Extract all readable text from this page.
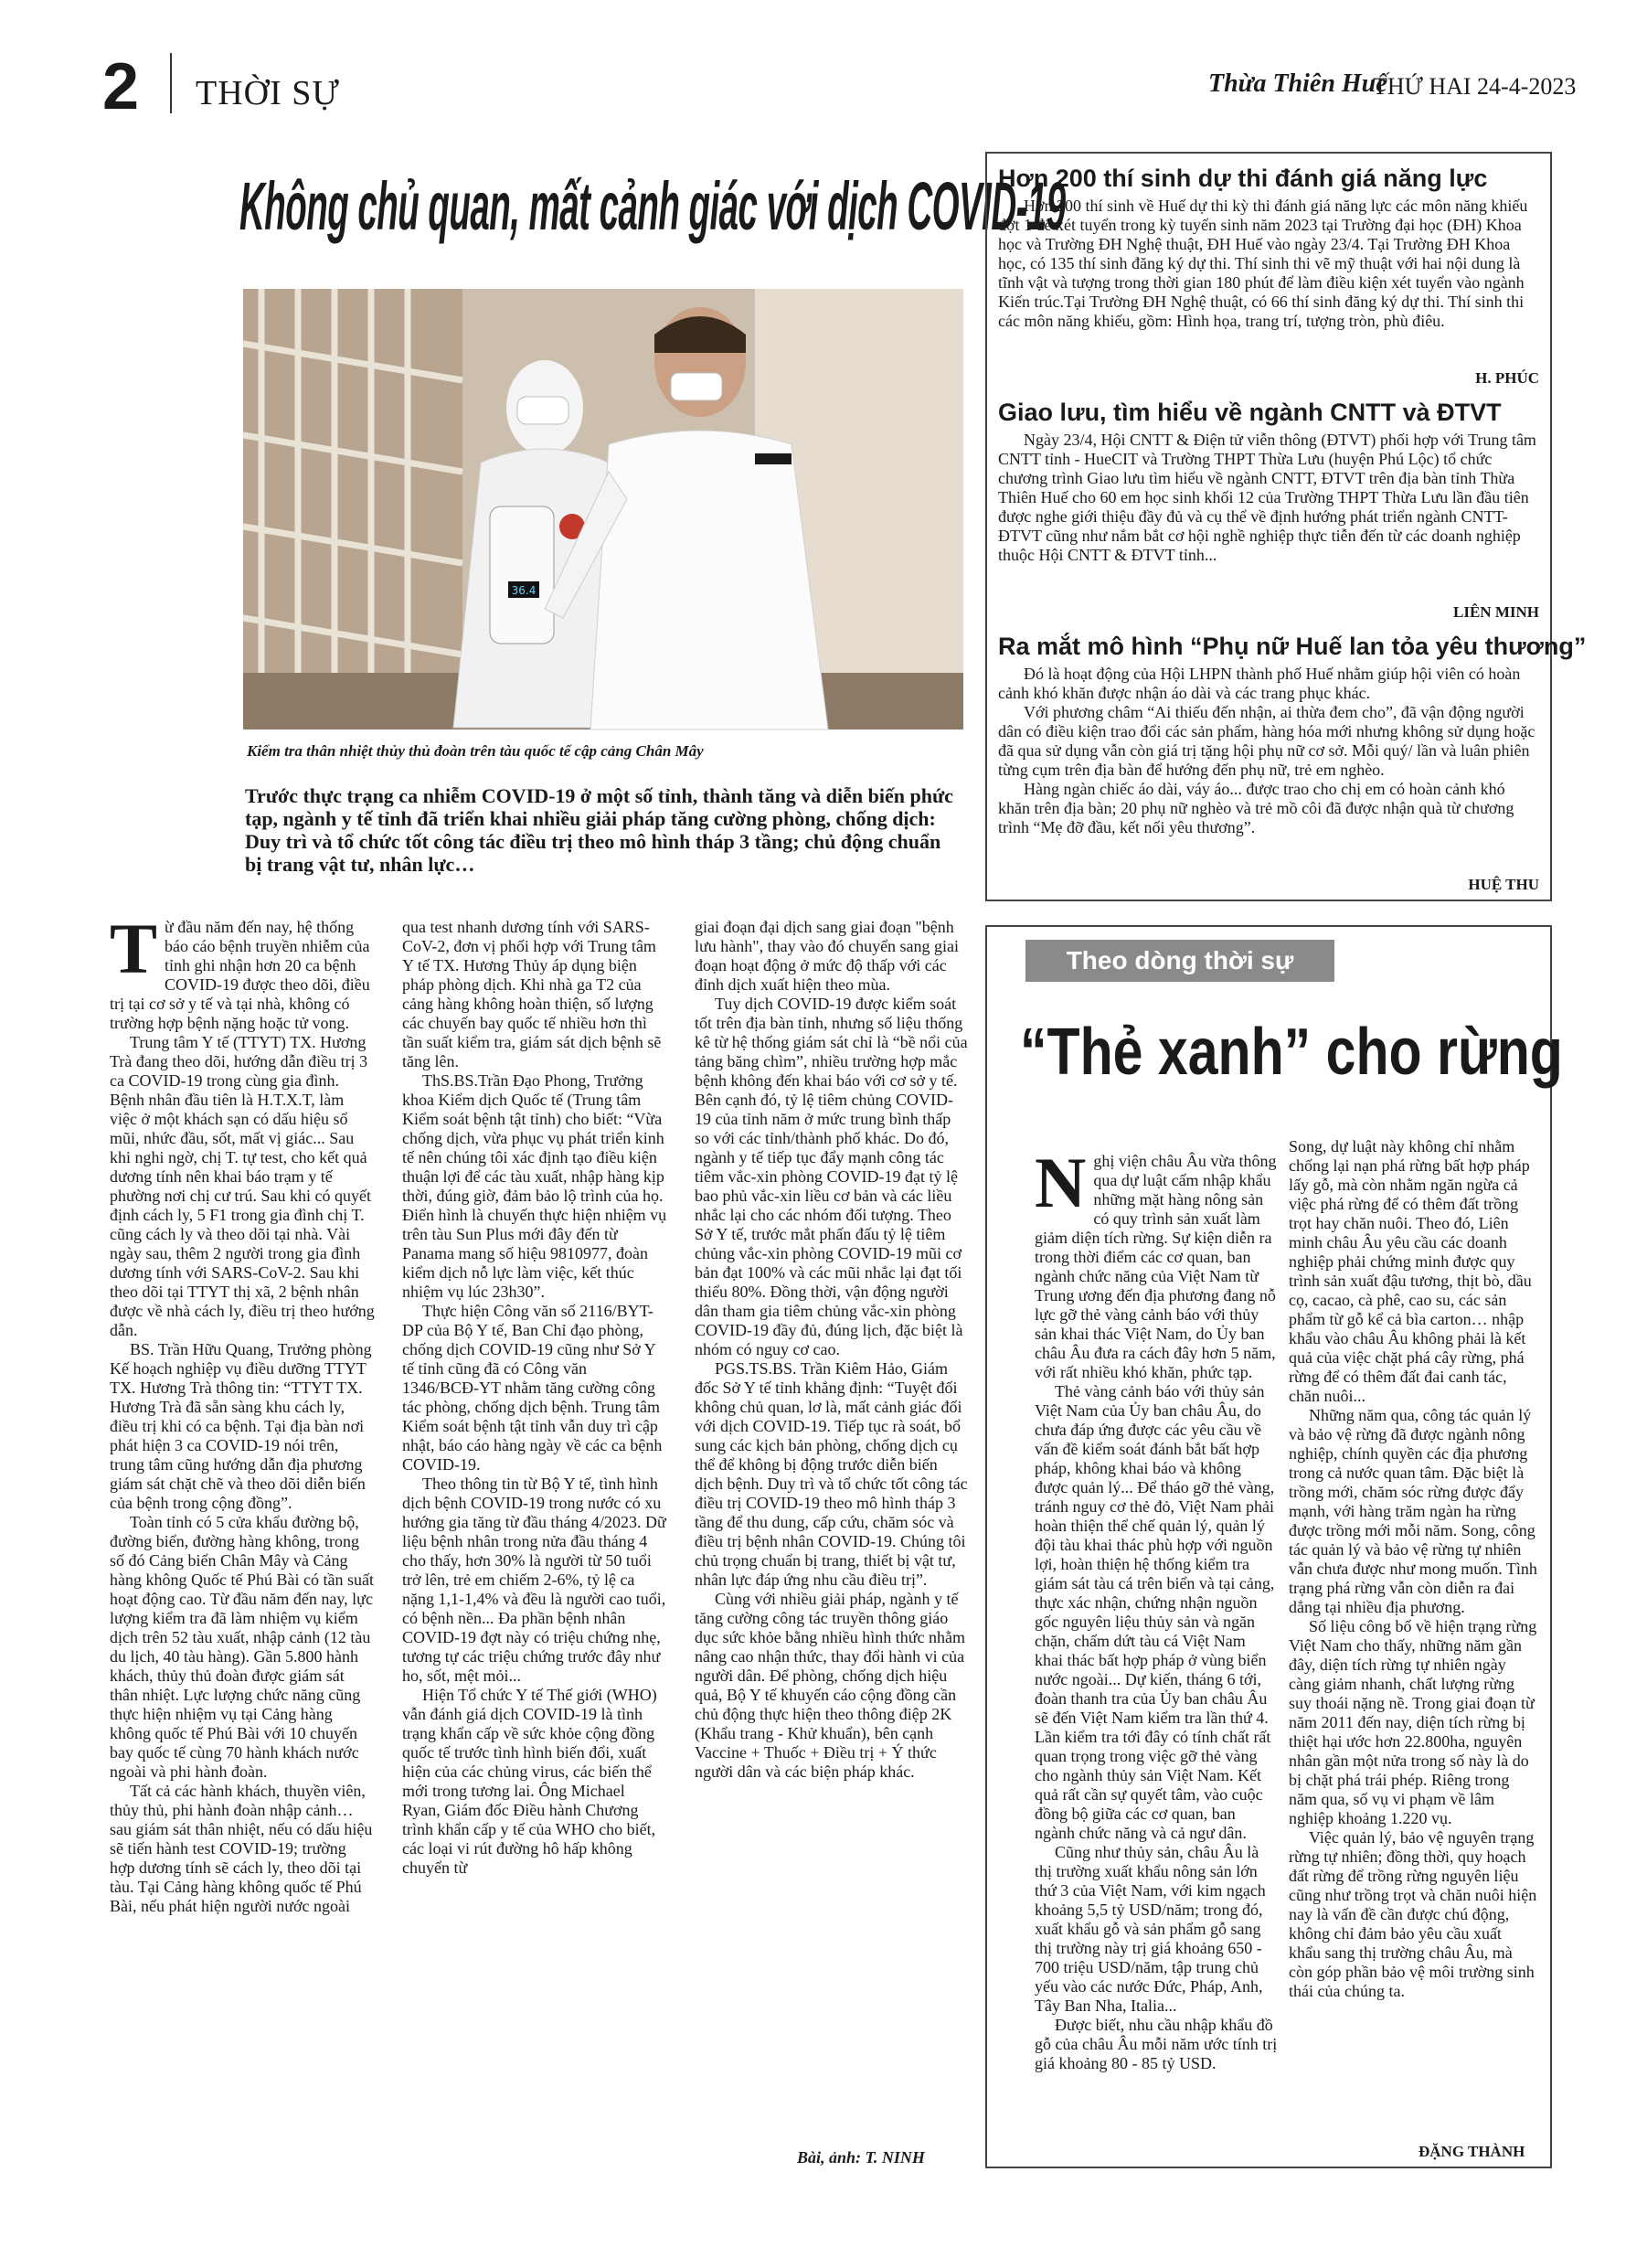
2 THỜI SỰ	Thừa Thiên Huế
THỨ HAI 24-4-2023
Không chủ quan, mất cảnh giác với dịch COVID-19
36.4
Kiểm tra thân nhiệt thủy thủ đoàn trên tàu quốc tế cập cảng Chân Mây

Trước thực trạng ca nhiễm COVID-19 ở một số tỉnh, thành tăng và diễn biến phức tạp, ngành y tế tỉnh đã triển khai nhiều giải pháp tăng cường phòng, chống dịch: Duy trì và tổ chức tốt công tác điều trị theo mô hình tháp 3 tầng; chủ động chuẩn bị trang vật tư, nhân lực…

Từ đầu năm đến nay, hệ thống báo cáo bệnh truyền nhiễm của tỉnh ghi nhận hơn 20 ca bệnh COVID-19 được theo dõi, điều trị tại cơ sở y tế và tại nhà, không có trường hợp bệnh nặng hoặc tử vong.

Trung tâm Y tế (TTYT) TX. Hương Trà đang theo dõi, hướng dẫn điều trị 3 ca COVID-19 trong cùng gia đình. Bệnh nhân đầu tiên là H.T.X.T, làm việc ở một khách sạn có dấu hiệu sổ mũi, nhức đầu, sốt, mất vị giác... Sau khi nghi ngờ, chị T. tự test, cho kết quả dương tính nên khai báo trạm y tế phường nơi chị cư trú. Sau khi có quyết định cách ly, 5 F1 trong gia đình chị T. cũng cách ly và theo dõi tại nhà. Vài ngày sau, thêm 2 người trong gia đình dương tính với SARS-CoV-2. Sau khi theo dõi tại TTYT thị xã, 2 bệnh nhân được về nhà cách ly, điều trị theo hướng dẫn.

BS. Trần Hữu Quang, Trưởng phòng Kế hoạch nghiệp vụ điều dưỡng TTYT TX. Hương Trà thông tin: “TTYT TX. Hương Trà đã sẵn sàng khu cách ly, điều trị khi có ca bệnh. Tại địa bàn nơi phát hiện 3 ca COVID-19 nói trên, trung tâm cũng hướng dẫn địa phương giám sát chặt chẽ và theo dõi diễn biến của bệnh trong cộng đồng”.

Toàn tỉnh có 5 cửa khẩu đường bộ, đường biển, đường hàng không, trong số đó Cảng biển Chân Mây và Cảng hàng không Quốc tế Phú Bài có tần suất hoạt động cao. Từ đầu năm đến nay, lực lượng kiểm tra đã làm nhiệm vụ kiểm dịch trên 52 tàu xuất, nhập cảnh (12 tàu du lịch, 40 tàu hàng). Gần 5.800 hành khách, thủy thủ đoàn được giám sát thân nhiệt. Lực lượng chức năng cũng thực hiện nhiệm vụ tại Cảng hàng không quốc tế Phú Bài với 10 chuyến bay quốc tế cùng 70 hành khách nước ngoài và phi hành đoàn.

Tất cả các hành khách, thuyền viên, thủy thủ, phi hành đoàn nhập cảnh… sau giám sát thân nhiệt, nếu có dấu hiệu sẽ tiến hành test COVID-19; trường hợp dương tính sẽ cách ly, theo dõi tại tàu. Tại Cảng hàng không quốc tế Phú Bài, nếu phát hiện người nước ngoài

qua test nhanh dương tính với SARS-CoV-2, đơn vị phối hợp với Trung tâm Y tế TX. Hương Thủy áp dụng biện pháp phòng dịch. Khi nhà ga T2 của cảng hàng không hoàn thiện, số lượng các chuyến bay quốc tế nhiều hơn thì tần suất kiểm tra, giám sát dịch bệnh sẽ tăng lên.

ThS.BS.Trần Đạo Phong, Trưởng khoa Kiểm dịch Quốc tế (Trung tâm Kiểm soát bệnh tật tỉnh) cho biết: “Vừa chống dịch, vừa phục vụ phát triển kinh tế nên chúng tôi xác định tạo điều kiện thuận lợi để các tàu xuất, nhập hàng kịp thời, đúng giờ, đảm bảo lộ trình của họ. Điển hình là chuyến thực hiện nhiệm vụ trên tàu Sun Plus mới đây đến từ Panama mang số hiệu 9810977, đoàn kiểm dịch nỗ lực làm việc, kết thúc nhiệm vụ lúc 23h30”.

Thực hiện Công văn số 2116/BYT-DP của Bộ Y tế, Ban Chỉ đạo phòng, chống dịch COVID-19 cũng như Sở Y tế tỉnh cũng đã có Công văn 1346/BCĐ-YT nhằm tăng cường công tác phòng, chống dịch bệnh. Trung tâm Kiểm soát bệnh tật tỉnh vẫn duy trì cập nhật, báo cáo hàng ngày về các ca bệnh COVID-19.

Theo thông tin từ Bộ Y tế, tình hình dịch bệnh COVID-19 trong nước có xu hướng gia tăng từ đầu tháng 4/2023. Dữ liệu bệnh nhân trong nửa đầu tháng 4 cho thấy, hơn 30% là người từ 50 tuổi trở lên, trẻ em chiếm 2-6%, tỷ lệ ca nặng 1,1-1,4% và đều là người cao tuổi, có bệnh nền... Đa phần bệnh nhân COVID-19 đợt này có triệu chứng nhẹ, tương tự các triệu chứng trước đây như ho, sốt, mệt mỏi...

Hiện Tổ chức Y tế Thế giới (WHO) vẫn đánh giá dịch COVID-19 là tình trạng khẩn cấp về sức khỏe cộng đồng quốc tế trước tình hình biến đổi, xuất hiện của các chủng virus, các biến thể mới trong tương lai. Ông Michael Ryan, Giám đốc Điều hành Chương trình khẩn cấp y tế của WHO cho biết, các loại vi rút đường hô hấp không chuyển từ

giai đoạn đại dịch sang giai đoạn "bệnh lưu hành", thay vào đó chuyển sang giai đoạn hoạt động ở mức độ thấp với các đỉnh dịch xuất hiện theo mùa.

Tuy dịch COVID-19 được kiểm soát tốt trên địa bàn tỉnh, nhưng số liệu thống kê từ hệ thống giám sát chỉ là “bề nổi của tảng băng chìm”, nhiều trường hợp mắc bệnh không đến khai báo với cơ sở y tế. Bên cạnh đó, tỷ lệ tiêm chủng COVID-19 của tỉnh năm ở mức trung bình thấp so với các tỉnh/thành phố khác. Do đó, ngành y tế tiếp tục đẩy mạnh công tác tiêm vắc-xin phòng COVID-19 đạt tỷ lệ bao phủ vắc-xin liều cơ bản và các liều nhắc lại cho các nhóm đối tượng. Theo Sở Y tế, trước mắt phấn đấu tỷ lệ tiêm chủng vắc-xin phòng COVID-19 mũi cơ bản đạt 100% và các mũi nhắc lại đạt tối thiểu 80%. Đồng thời, vận động người dân tham gia tiêm chủng vắc-xin phòng COVID-19 đầy đủ, đúng lịch, đặc biệt là nhóm có nguy cơ cao.

PGS.TS.BS. Trần Kiêm Hảo, Giám đốc Sở Y tế tỉnh khẳng định: “Tuyệt đối không chủ quan, lơ là, mất cảnh giác đối với dịch COVID-19. Tiếp tục rà soát, bổ sung các kịch bản phòng, chống dịch cụ thể để không bị động trước diễn biến dịch bệnh. Duy trì và tổ chức tốt công tác điều trị COVID-19 theo mô hình tháp 3 tầng để thu dung, cấp cứu, chăm sóc và điều trị bệnh nhân COVID-19. Chúng tôi chủ trọng chuẩn bị trang, thiết bị vật tư, nhân lực đáp ứng nhu cầu điều trị”.

Cùng với nhiều giải pháp, ngành y tế tăng cường công tác truyền thông giáo dục sức khỏe bằng nhiều hình thức nhằm nâng cao nhận thức, thay đổi hành vi của người dân. Để phòng, chống dịch hiệu quả, Bộ Y tế khuyến cáo cộng đồng cần chủ động thực hiện theo thông điệp 2K (Khẩu trang - Khử khuẩn), bên cạnh Vaccine + Thuốc + Điều trị + Ý thức người dân và các biện pháp khác.

Bài, ảnh: T. NINH
Hơn 200 thí sinh dự thi đánh giá năng lực

Hơn 200 thí sinh về Huế dự thi kỳ thi đánh giá năng lực các môn năng khiếu đợt 1 để xét tuyển trong kỳ tuyển sinh năm 2023 tại Trường đại học (ĐH) Khoa học và Trường ĐH Nghệ thuật, ĐH Huế vào ngày 23/4. Tại Trường ĐH Khoa học, có 135 thí sinh đăng ký dự thi. Thí sinh thi vẽ mỹ thuật với hai nội dung là tĩnh vật và tượng trong thời gian 180 phút để làm điều kiện xét tuyển vào ngành Kiến trúc.Tại Trường ĐH Nghệ thuật, có 66 thí sinh đăng ký dự thi. Thí sinh thi các môn năng khiếu, gồm: Hình họa, trang trí, tượng tròn, phù điêu.

H. PHÚC
Giao lưu, tìm hiểu về ngành CNTT và ĐTVT

Ngày 23/4, Hội CNTT & Điện tử viễn thông (ĐTVT) phối hợp với Trung tâm CNTT tỉnh - HueCIT và Trường THPT Thừa Lưu (huyện Phú Lộc) tổ chức chương trình Giao lưu tìm hiểu về ngành CNTT, ĐTVT trên địa bàn tỉnh Thừa Thiên Huế cho 60 em học sinh khối 12 của Trường THPT Thừa Lưu lần đầu tiên được nghe giới thiệu đầy đủ và cụ thể về định hướng phát triển ngành CNTT- ĐTVT cũng như nắm bắt cơ hội nghề nghiệp thực tiễn đến từ các doanh nghiệp thuộc Hội CNTT & ĐTVT tỉnh...

LIÊN MINH
Ra mắt mô hình “Phụ nữ Huế lan tỏa yêu thương”

Đó là hoạt động của Hội LHPN thành phố Huế nhằm giúp hội viên có hoàn cảnh khó khăn được nhận áo dài và các trang phục khác.

Với phương châm “Ai thiếu đến nhận, ai thừa đem cho”, đã vận động người dân có điều kiện trao đổi các sản phẩm, hàng hóa mới nhưng không sử dụng hoặc đã qua sử dụng vẫn còn giá trị tặng hội phụ nữ cơ sở. Mỗi quý/ lần và luân phiên từng cụm trên địa bàn để hướng đến phụ nữ, trẻ em nghèo.

Hàng ngàn chiếc áo dài, váy áo... được trao cho chị em có hoàn cảnh khó khăn trên địa bàn; 20 phụ nữ nghèo và trẻ mồ côi đã được nhận quà từ chương trình “Mẹ đỡ đầu, kết nối yêu thương”.

HUỆ THU
Theo dòng thời sự
“Thẻ xanh” cho rừng

Nghị viện châu Âu vừa thông qua dự luật cấm nhập khẩu những mặt hàng nông sản có quy trình sản xuất làm giảm diện tích rừng. Sự kiện diễn ra trong thời điểm các cơ quan, ban ngành chức năng của Việt Nam từ Trung ương đến địa phương đang nỗ lực gỡ thẻ vàng cảnh báo với thủy sản khai thác Việt Nam, do Ủy ban châu Âu đưa ra cách đây hơn 5 năm, với rất nhiều khó khăn, phức tạp.

Thẻ vàng cảnh báo với thủy sản Việt Nam của Ủy ban châu Âu, do chưa đáp ứng được các yêu cầu về vấn đề kiểm soát đánh bắt bất hợp pháp, không khai báo và không được quản lý... Để tháo gỡ thẻ vàng, tránh nguy cơ thẻ đỏ, Việt Nam phải hoàn thiện thể chế quản lý, quản lý đội tàu khai thác phù hợp với nguồn lợi, hoàn thiện hệ thống kiểm tra giám sát tàu cá trên biển và tại cảng, thực xác nhận, chứng nhận nguồn gốc nguyên liệu thủy sản và ngăn chặn, chấm dứt tàu cá Việt Nam khai thác bất hợp pháp ở vùng biển nước ngoài... Dự kiến, tháng 6 tới, đoàn thanh tra của Ủy ban châu Âu sẽ đến Việt Nam kiểm tra lần thứ 4. Lần kiểm tra tới đây có tính chất rất quan trọng trong việc gỡ thẻ vàng cho ngành thủy sản Việt Nam. Kết quả rất cần sự quyết tâm, vào cuộc đồng bộ giữa các cơ quan, ban ngành chức năng và cả ngư dân.

Cũng như thủy sản, châu Âu là thị trường xuất khẩu nông sản lớn thứ 3 của Việt Nam, với kim ngạch khoảng 5,5 tỷ USD/năm; trong đó, xuất khẩu gỗ và sản phẩm gỗ sang thị trường này trị giá khoảng 650 - 700 triệu USD/năm, tập trung chủ yếu vào các nước Đức, Pháp, Anh, Tây Ban Nha, Italia...

Được biết, nhu cầu nhập khẩu đồ gỗ của châu Âu mỗi năm ước tính trị giá khoảng 80 - 85 tỷ USD.

Song, dự luật này không chỉ nhằm chống lại nạn phá rừng bất hợp pháp lấy gỗ, mà còn nhằm ngăn ngừa cả việc phá rừng để có thêm đất trồng trọt hay chăn nuôi. Theo đó, Liên minh châu Âu yêu cầu các doanh nghiệp phải chứng minh được quy trình sản xuất đậu tương, thịt bò, dầu cọ, cacao, cà phê, cao su, các sản phẩm từ gỗ kể cả bìa carton… nhập khẩu vào châu Âu không phải là kết quả của việc chặt phá cây rừng, phá rừng để có thêm đất đai canh tác, chăn nuôi...

Những năm qua, công tác quản lý và bảo vệ rừng đã được ngành nông nghiệp, chính quyền các địa phương trong cả nước quan tâm. Đặc biệt là trồng mới, chăm sóc rừng được đẩy mạnh, với hàng trăm ngàn ha rừng được trồng mới mỗi năm. Song, công tác quản lý và bảo vệ rừng tự nhiên vẫn chưa được như mong muốn. Tình trạng phá rừng vẫn còn diễn ra đai dẳng tại nhiều địa phương.

Số liệu công bố về hiện trạng rừng Việt Nam cho thấy, những năm gần đây, diện tích rừng tự nhiên ngày càng giảm nhanh, chất lượng rừng suy thoái nặng nề. Trong giai đoạn từ năm 2011 đến nay, diện tích rừng bị thiệt hại ước hơn 22.800ha, nguyên nhân gần một nửa trong số này là do bị chặt phá trái phép. Riêng trong năm qua, số vụ vi phạm về lâm nghiệp khoảng 1.220 vụ.

Việc quản lý, bảo vệ nguyên trạng rừng tự nhiên; đồng thời, quy hoạch đất rừng để trồng rừng nguyên liệu cũng như trồng trọt và chăn nuôi hiện nay là vấn đề cần được chú động, không chỉ đảm bảo yêu cầu xuất khẩu sang thị trường châu Âu, mà còn góp phần bảo vệ môi trường sinh thái của chúng ta.

ĐẶNG THÀNH
